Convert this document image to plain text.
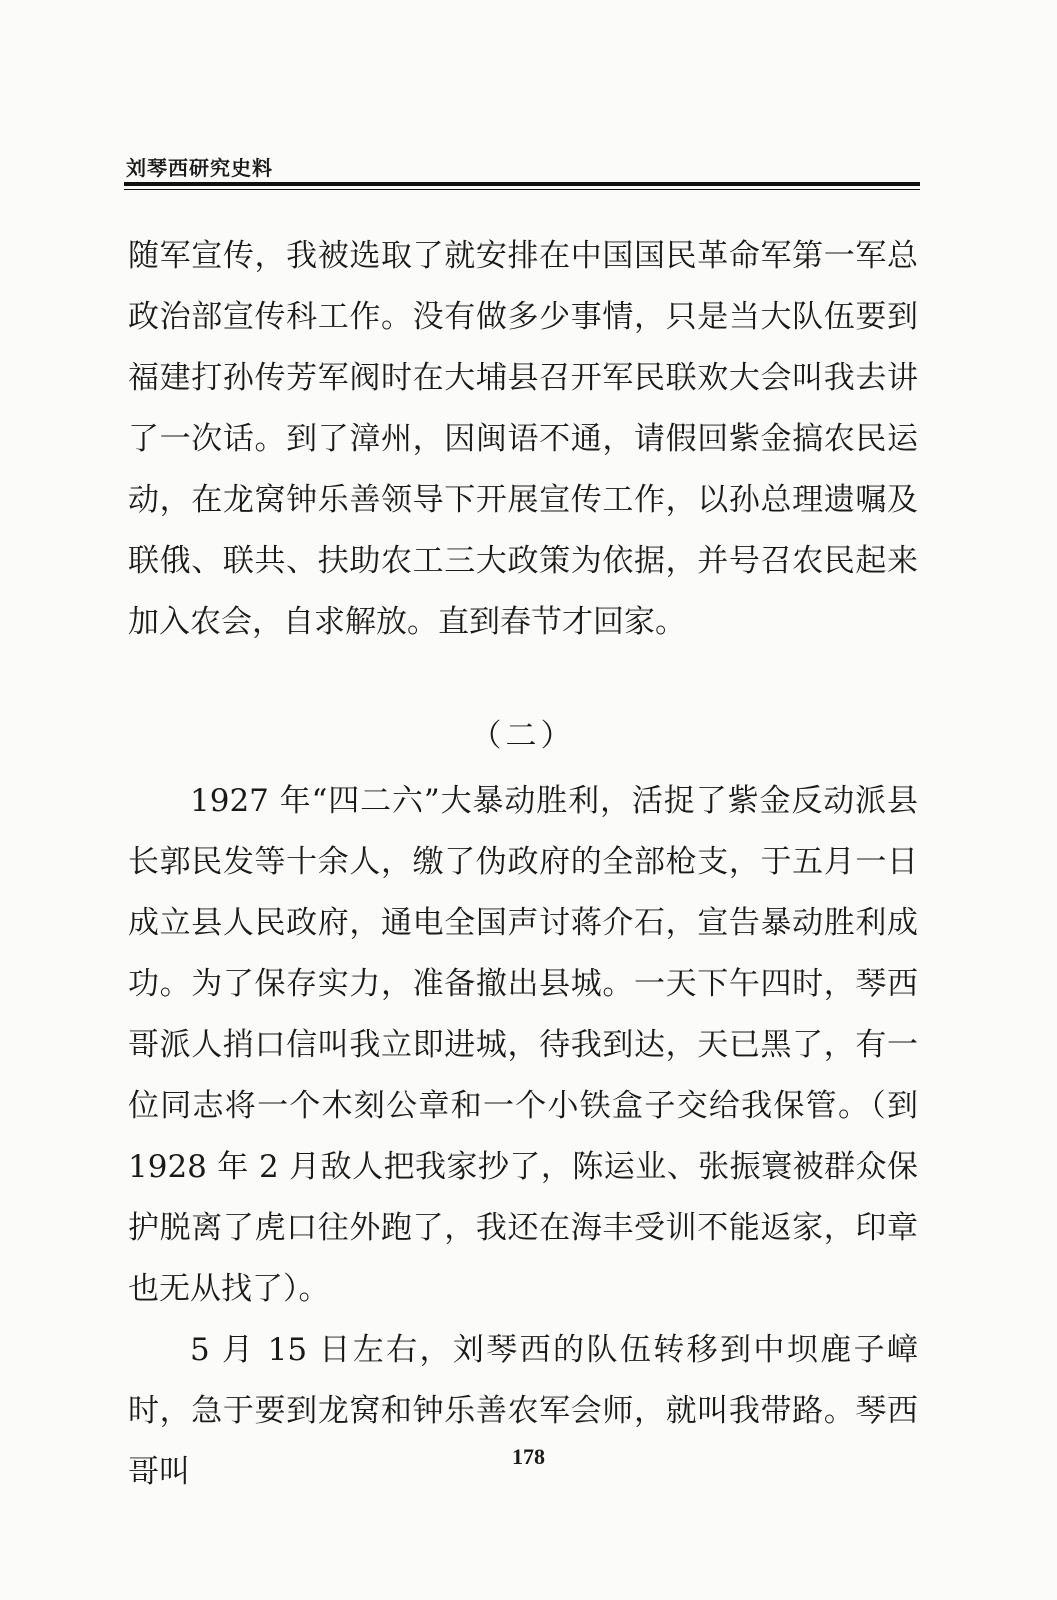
刘琴西研究史料

随军宣传，我被选取了就安排在中国国民革命军第一军总政治部宣传科工作。没有做多少事情，只是当大队伍要到福建打孙传芳军阀时在大埔县召开军民联欢大会叫我去讲了一次话。到了漳州，因闽语不通，请假回紫金搞农民运动，在龙窝钟乐善领导下开展宣传工作，以孙总理遗嘱及联俄、联共、扶助农工三大政策为依据，并号召农民起来加入农会，自求解放。直到春节才回家。

（二）

1927 年“四二六”大暴动胜利，活捉了紫金反动派县长郭民发等十余人，缴了伪政府的全部枪支，于五月一日成立县人民政府，通电全国声讨蒋介石，宣告暴动胜利成功。为了保存实力，准备撤出县城。一天下午四时，琴西哥派人捎口信叫我立即进城，待我到达，天已黑了，有一位同志将一个木刻公章和一个小铁盒子交给我保管。（到 1928 年 2 月敌人把我家抄了，陈运业、张振寰被群众保护脱离了虎口往外跑了，我还在海丰受训不能返家，印章也无从找了）。

5 月 15 日左右，刘琴西的队伍转移到中坝鹿子嶂时，急于要到龙窝和钟乐善农军会师，就叫我带路。琴西哥叫	178
